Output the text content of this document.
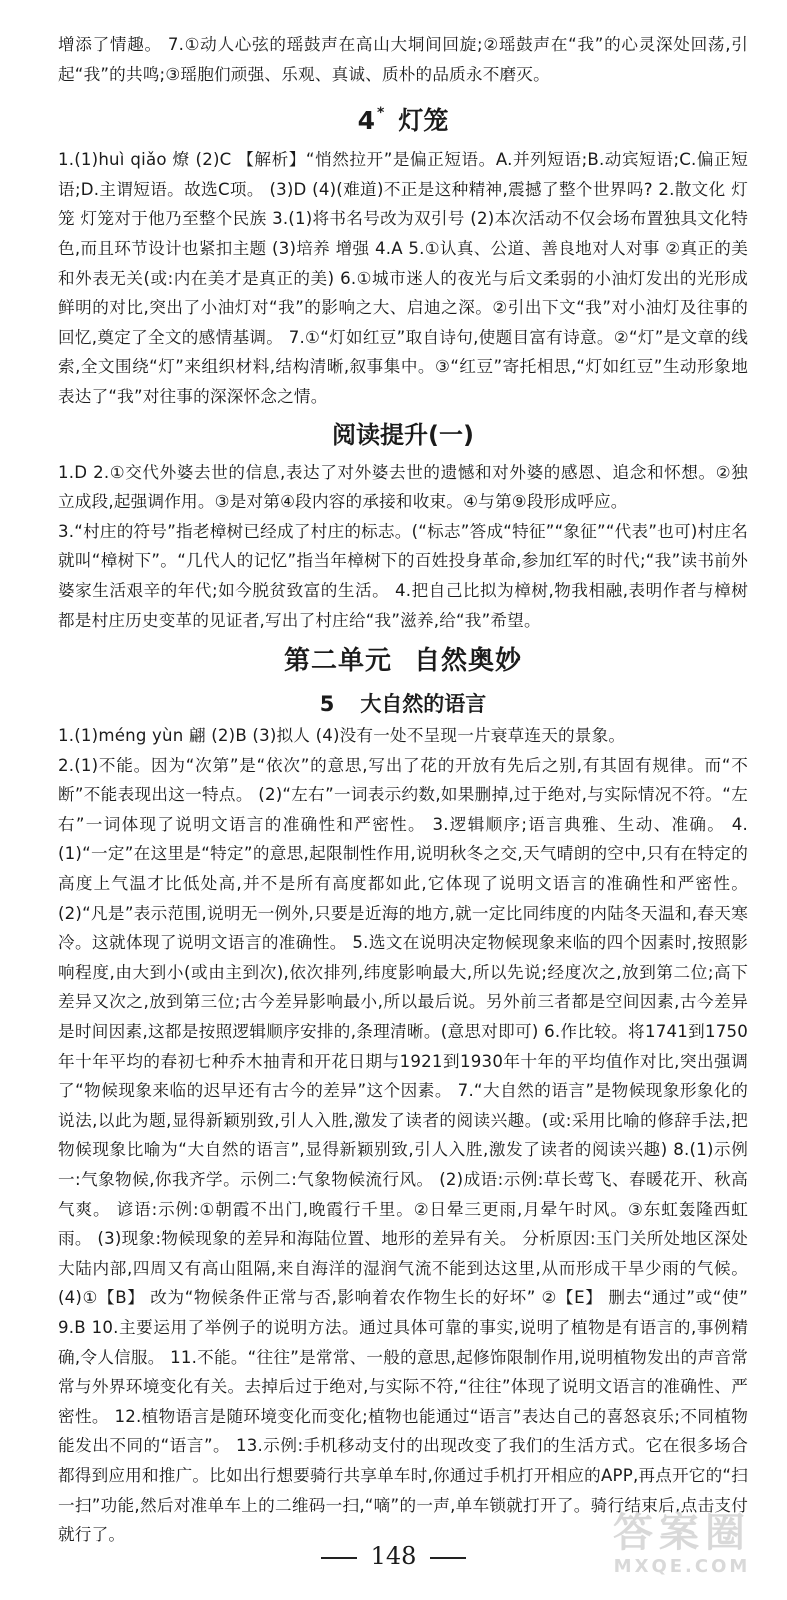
增添了情趣。 7.①动人心弦的瑶鼓声在高山大垌间回旋;②瑶鼓声在“我”的心灵深处回荡,引起“我”的共鸣;③瑶胞们顽强、乐观、真诚、质朴的品质永不磨灭。

4 * 灯笼

1.(1)huì qiǎo 燎 (2)C 【解析】“悄然拉开”是偏正短语。A.并列短语;B.动宾短语;C.偏正短语;D.主谓短语。故选C项。 (3)D (4)(难道)不正是这种精神,震撼了整个世界吗? 2.散文化 灯笼 灯笼对于他乃至整个民族 3.(1)将书名号改为双引号 (2)本次活动不仅会场布置独具文化特色,而且环节设计也紧扣主题 (3)培养 增强 4.A 5.①认真、公道、善良地对人对事 ②真正的美和外表无关(或:内在美才是真正的美) 6.①城市迷人的夜光与后文柔弱的小油灯发出的光形成鲜明的对比,突出了小油灯对“我”的影响之大、启迪之深。②引出下文“我”对小油灯及往事的回忆,奠定了全文的感情基调。 7.①“灯如红豆”取自诗句,使题目富有诗意。②“灯”是文章的线索,全文围绕“灯”来组织材料,结构清晰,叙事集中。③“红豆”寄托相思,“灯如红豆”生动形象地表达了“我”对往事的深深怀念之情。

阅读提升(一)

1.D 2.①交代外婆去世的信息,表达了对外婆去世的遗憾和对外婆的感恩、追念和怀想。②独立成段,起强调作用。③是对第④段内容的承接和收束。④与第⑨段形成呼应。

3.“村庄的符号”指老樟树已经成了村庄的标志。(“标志”答成“特征”“象征”“代表”也可)村庄名就叫“樟树下”。“几代人的记忆”指当年樟树下的百姓投身革命,参加红军的时代;“我”读书前外婆家生活艰辛的年代;如今脱贫致富的生活。 4.把自己比拟为樟树,物我相融,表明作者与樟树都是村庄历史变革的见证者,写出了村庄给“我”滋养,给“我”希望。

第二单元 自然奥妙
5 大自然的语言

1.(1)méng yùn 翩 (2)B (3)拟人 (4)没有一处不呈现一片衰草连天的景象。

2.(1)不能。因为“次第”是“依次”的意思,写出了花的开放有先后之别,有其固有规律。而“不断”不能表现出这一特点。 (2)“左右”一词表示约数,如果删掉,过于绝对,与实际情况不符。“左右”一词体现了说明文语言的准确性和严密性。 3.逻辑顺序;语言典雅、生动、准确。 4.(1)“一定”在这里是“特定”的意思,起限制性作用,说明秋冬之交,天气晴朗的空中,只有在特定的高度上气温才比低处高,并不是所有高度都如此,它体现了说明文语言的准确性和严密性。 (2)“凡是”表示范围,说明无一例外,只要是近海的地方,就一定比同纬度的内陆冬天温和,春天寒冷。这就体现了说明文语言的准确性。 5.选文在说明决定物候现象来临的四个因素时,按照影响程度,由大到小(或由主到次),依次排列,纬度影响最大,所以先说;经度次之,放到第二位;高下差异又次之,放到第三位;古今差异影响最小,所以最后说。另外前三者都是空间因素,古今差异是时间因素,这都是按照逻辑顺序安排的,条理清晰。(意思对即可) 6.作比较。将1741到1750年十年平均的春初七种乔木抽青和开花日期与1921到1930年十年的平均值作对比,突出强调了“物候现象来临的迟早还有古今的差异”这个因素。 7.“大自然的语言”是物候现象形象化的说法,以此为题,显得新颖别致,引人入胜,激发了读者的阅读兴趣。(或:采用比喻的修辞手法,把物候现象比喻为“大自然的语言”,显得新颖别致,引人入胜,激发了读者的阅读兴趣) 8.(1)示例一:气象物候,你我齐学。示例二:气象物候流行风。 (2)成语:示例:草长莺飞、春暖花开、秋高气爽。 谚语:示例:①朝霞不出门,晚霞行千里。②日晕三更雨,月晕午时风。③东虹轰隆西虹雨。 (3)现象:物候现象的差异和海陆位置、地形的差异有关。 分析原因:玉门关所处地区深处大陆内部,四周又有高山阻隔,来自海洋的湿润气流不能到达这里,从而形成干旱少雨的气候。(4)①【B】 改为“物候条件正常与否,影响着农作物生长的好坏” ②【E】 删去“通过”或“使” 9.B 10.主要运用了举例子的说明方法。通过具体可靠的事实,说明了植物是有语言的,事例精确,令人信服。 11.不能。“往往”是常常、一般的意思,起修饰限制作用,说明植物发出的声音常常与外界环境变化有关。去掉后过于绝对,与实际不符,“往往”体现了说明文语言的准确性、严密性。 12.植物语言是随环境变化而变化;植物也能通过“语言”表达自己的喜怒哀乐;不同植物能发出不同的“语言”。 13.示例:手机移动支付的出现改变了我们的生活方式。它在很多场合都得到应用和推广。比如出行想要骑行共享单车时,你通过手机打开相应的APP,再点开它的“扫一扫”功能,然后对准单车上的二维码一扫,“嘀”的一声,单车锁就打开了。骑行结束后,点击支付就行了。

148	答案圈
MXQE.COM
